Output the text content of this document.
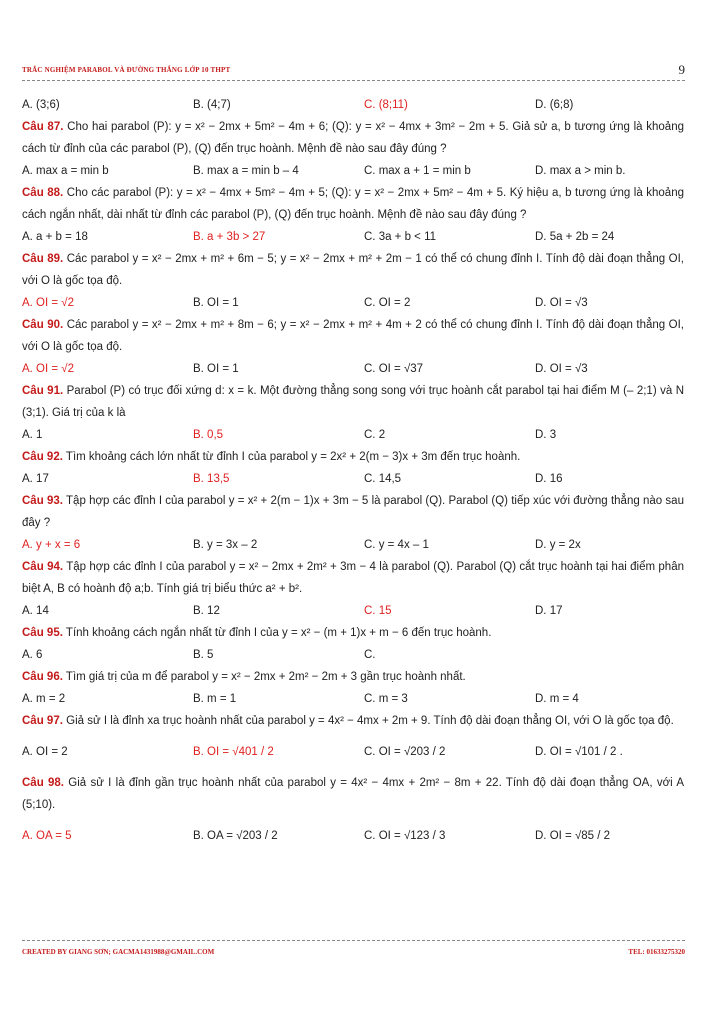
TRẮC NGHIỆM PARABOL VÀ ĐƯỜNG THẲNG LỚP 10 THPT	9
A. (3;6)	B. (4;7)	C. (8;11)	D. (6;8)
Câu 87. Cho hai parabol (P): y = x² − 2mx + 5m² − 4m + 6; (Q): y = x² − 4mx + 3m² − 2m + 5. Giả sử a, b tương ứng là khoảng cách từ đỉnh của các parabol (P), (Q) đến trục hoành. Mệnh đề nào sau đây đúng ?
A. max a = min b	B. max a = min b – 4	C. max a + 1 = min b	D. max a > min b.
Câu 88. Cho các parabol (P): y = x² − 4mx + 5m² − 4m + 5; (Q): y = x² − 2mx + 5m² − 4m + 5. Ký hiệu a, b tương ứng là khoảng cách ngắn nhất, dài nhất từ đỉnh các parabol (P), (Q) đến trục hoành. Mệnh đề nào sau đây đúng ?
A. a + b = 18	B. a + 3b > 27	C. 3a + b < 11	D. 5a + 2b = 24
Câu 89. Các parabol y = x² − 2mx + m² + 6m − 5; y = x² − 2mx + m² + 2m − 1 có thể có chung đỉnh I. Tính độ dài đoạn thẳng OI, với O là gốc tọa độ.
A. OI = √2	B. OI = 1	C. OI = 2	D. OI = √3
Câu 90. Các parabol y = x² − 2mx + m² + 8m − 6; y = x² − 2mx + m² + 4m + 2 có thể có chung đỉnh I. Tính độ dài đoạn thẳng OI, với O là gốc tọa độ.
A. OI = √2	B. OI = 1	C. OI = √37	D. OI = √3
Câu 91. Parabol (P) có trục đối xứng d: x = k. Một đường thẳng song song với trục hoành cắt parabol tại hai điểm M (– 2;1) và N (3;1). Giá trị của k là
A. 1	B. 0,5	C. 2	D. 3
Câu 92. Tìm khoảng cách lớn nhất từ đỉnh I của parabol y = 2x² + 2(m − 3)x + 3m đến trục hoành.
A. 17	B. 13,5	C. 14,5	D. 16
Câu 93. Tập hợp các đỉnh I của parabol y = x² + 2(m − 1)x + 3m − 5 là parabol (Q). Parabol (Q) tiếp xúc với đường thẳng nào sau đây ?
A. y + x = 6	B. y = 3x – 2	C. y = 4x – 1	D. y = 2x
Câu 94. Tập hợp các đỉnh I của parabol y = x² − 2mx + 2m² + 3m − 4 là parabol (Q). Parabol (Q) cắt trục hoành tại hai điểm phân biệt A, B có hoành độ a;b. Tính giá trị biểu thức a² + b².
A. 14	B. 12	C. 15	D. 17
Câu 95. Tính khoảng cách ngắn nhất từ đỉnh I của y = x² − (m + 1)x + m − 6 đến trục hoành.
A. 6	B. 5	C.
Câu 96. Tìm giá trị của m để parabol y = x² − 2mx + 2m² − 2m + 3 gần trục hoành nhất.
A. m = 2	B. m = 1	C. m = 3	D. m = 4
Câu 97. Giả sử I là đỉnh xa trục hoành nhất của parabol y = 4x² − 4mx + 2m + 9. Tính độ dài đoạn thẳng OI, với O là gốc tọa độ.
A. OI = 2	B. OI = √401 / 2	C. OI = √203 / 2	D. OI = √101 / 2 .
Câu 98. Giả sử I là đỉnh gần trục hoành nhất của parabol y = 4x² − 4mx + 2m² − 8m + 22. Tính độ dài đoạn thẳng OA, với A (5;10).
A. OA = 5	B. OA = √203 / 2	C. OI = √123 / 3	D. OI = √85 / 2
CREATED BY GIANG SƠN; GACMA1431988@GMAIL.COM	TEL: 01633275320
